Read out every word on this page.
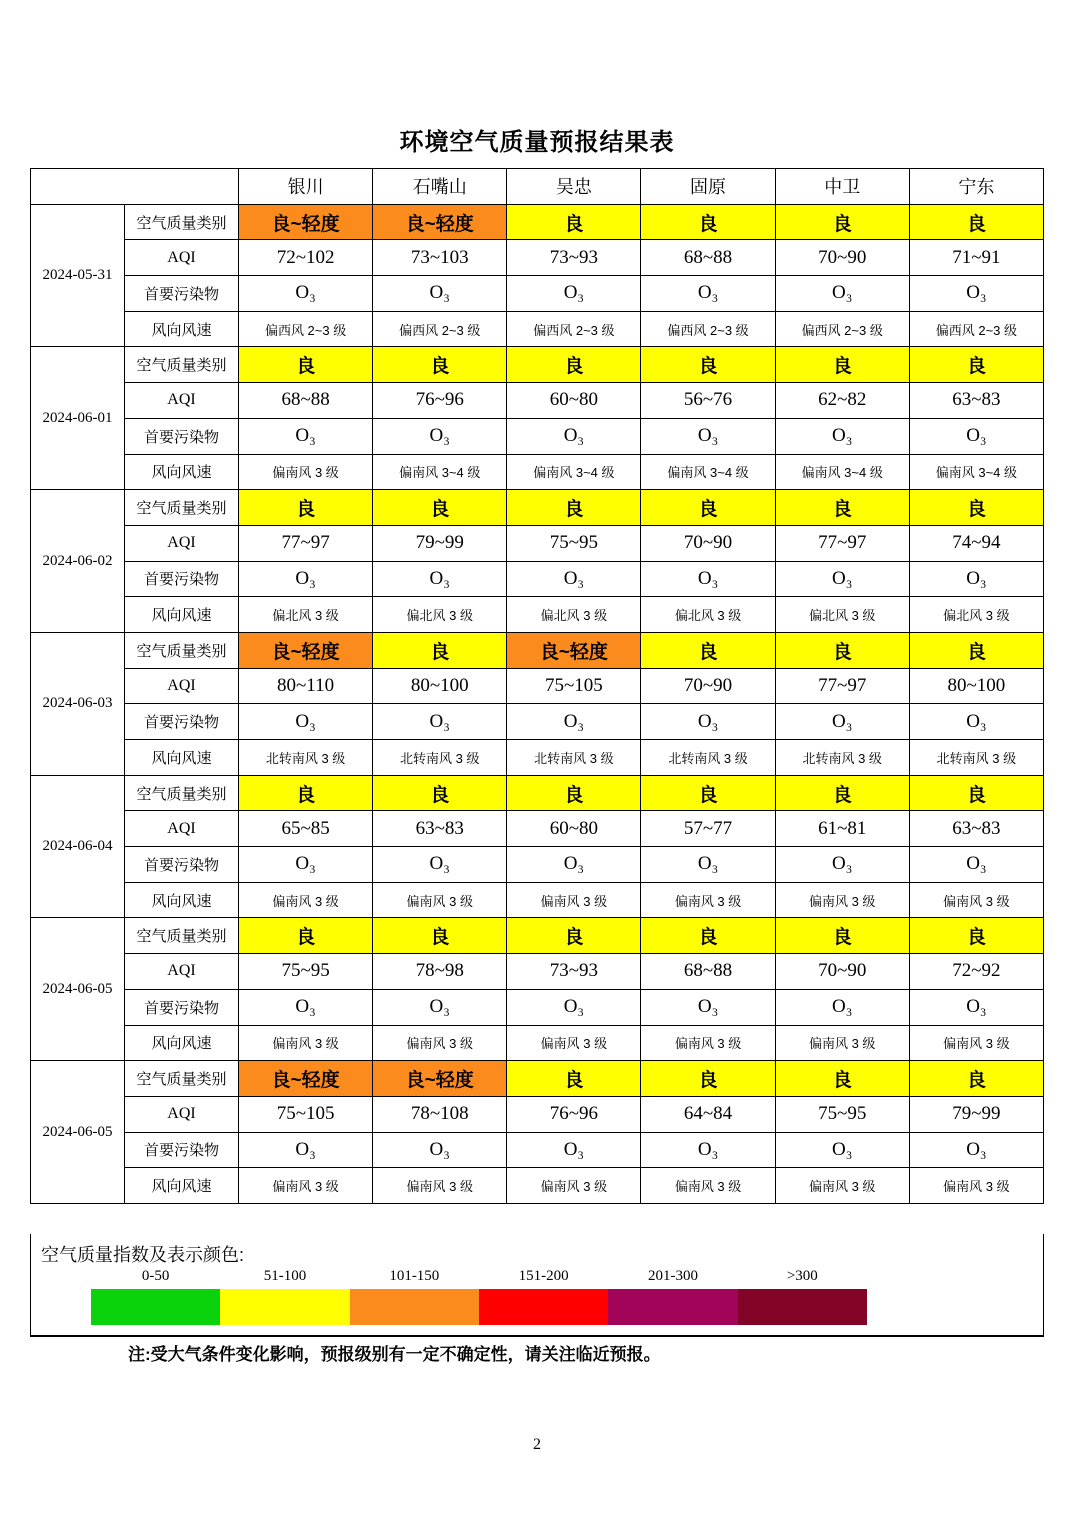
环境空气质量预报结果表
		银川	石嘴山	吴忠	固原	中卫	宁东
2024-05-31	空气质量类别	良~轻度	良~轻度	良	良	良	良
	AQI	72~102	73~103	73~93	68~88	70~90	71~91
	首要污染物	O₃	O₃	O₃	O₃	O₃	O₃
	风向风速	偏西风 2~3 级	偏西风 2~3 级	偏西风 2~3 级	偏西风 2~3 级	偏西风 2~3 级	偏西风 2~3 级
2024-06-01	空气质量类别	良	良	良	良	良	良
	AQI	68~88	76~96	60~80	56~76	62~82	63~83
	首要污染物	O₃	O₃	O₃	O₃	O₃	O₃
	风向风速	偏南风 3 级	偏南风 3~4 级	偏南风 3~4 级	偏南风 3~4 级	偏南风 3~4 级	偏南风 3~4 级
2024-06-02	空气质量类别	良	良	良	良	良	良
	AQI	77~97	79~99	75~95	70~90	77~97	74~94
	首要污染物	O₃	O₃	O₃	O₃	O₃	O₃
	风向风速	偏北风 3 级	偏北风 3 级	偏北风 3 级	偏北风 3 级	偏北风 3 级	偏北风 3 级
2024-06-03	空气质量类别	良~轻度	良	良~轻度	良	良	良
	AQI	80~110	80~100	75~105	70~90	77~97	80~100
	首要污染物	O₃	O₃	O₃	O₃	O₃	O₃
	风向风速	北转南风 3 级	北转南风 3 级	北转南风 3 级	北转南风 3 级	北转南风 3 级	北转南风 3 级
2024-06-04	空气质量类别	良	良	良	良	良	良
	AQI	65~85	63~83	60~80	57~77	61~81	63~83
	首要污染物	O₃	O₃	O₃	O₃	O₃	O₃
	风向风速	偏南风 3 级	偏南风 3 级	偏南风 3 级	偏南风 3 级	偏南风 3 级	偏南风 3 级
2024-06-05	空气质量类别	良	良	良	良	良	良
	AQI	75~95	78~98	73~93	68~88	70~90	72~92
	首要污染物	O₃	O₃	O₃	O₃	O₃	O₃
	风向风速	偏南风 3 级	偏南风 3 级	偏南风 3 级	偏南风 3 级	偏南风 3 级	偏南风 3 级
2024-06-05	空气质量类别	良~轻度	良~轻度	良	良	良	良
	AQI	75~105	78~108	76~96	64~84	75~95	79~99
	首要污染物	O₃	O₃	O₃	O₃	O₃	O₃
	风向风速	偏南风 3 级	偏南风 3 级	偏南风 3 级	偏南风 3 级	偏南风 3 级	偏南风 3 级
空气质量指数及表示颜色:
0-50	51-100	101-150	151-200	201-300	>300
注:受大气条件变化影响，预报级别有一定不确定性，请关注临近预报。
2
